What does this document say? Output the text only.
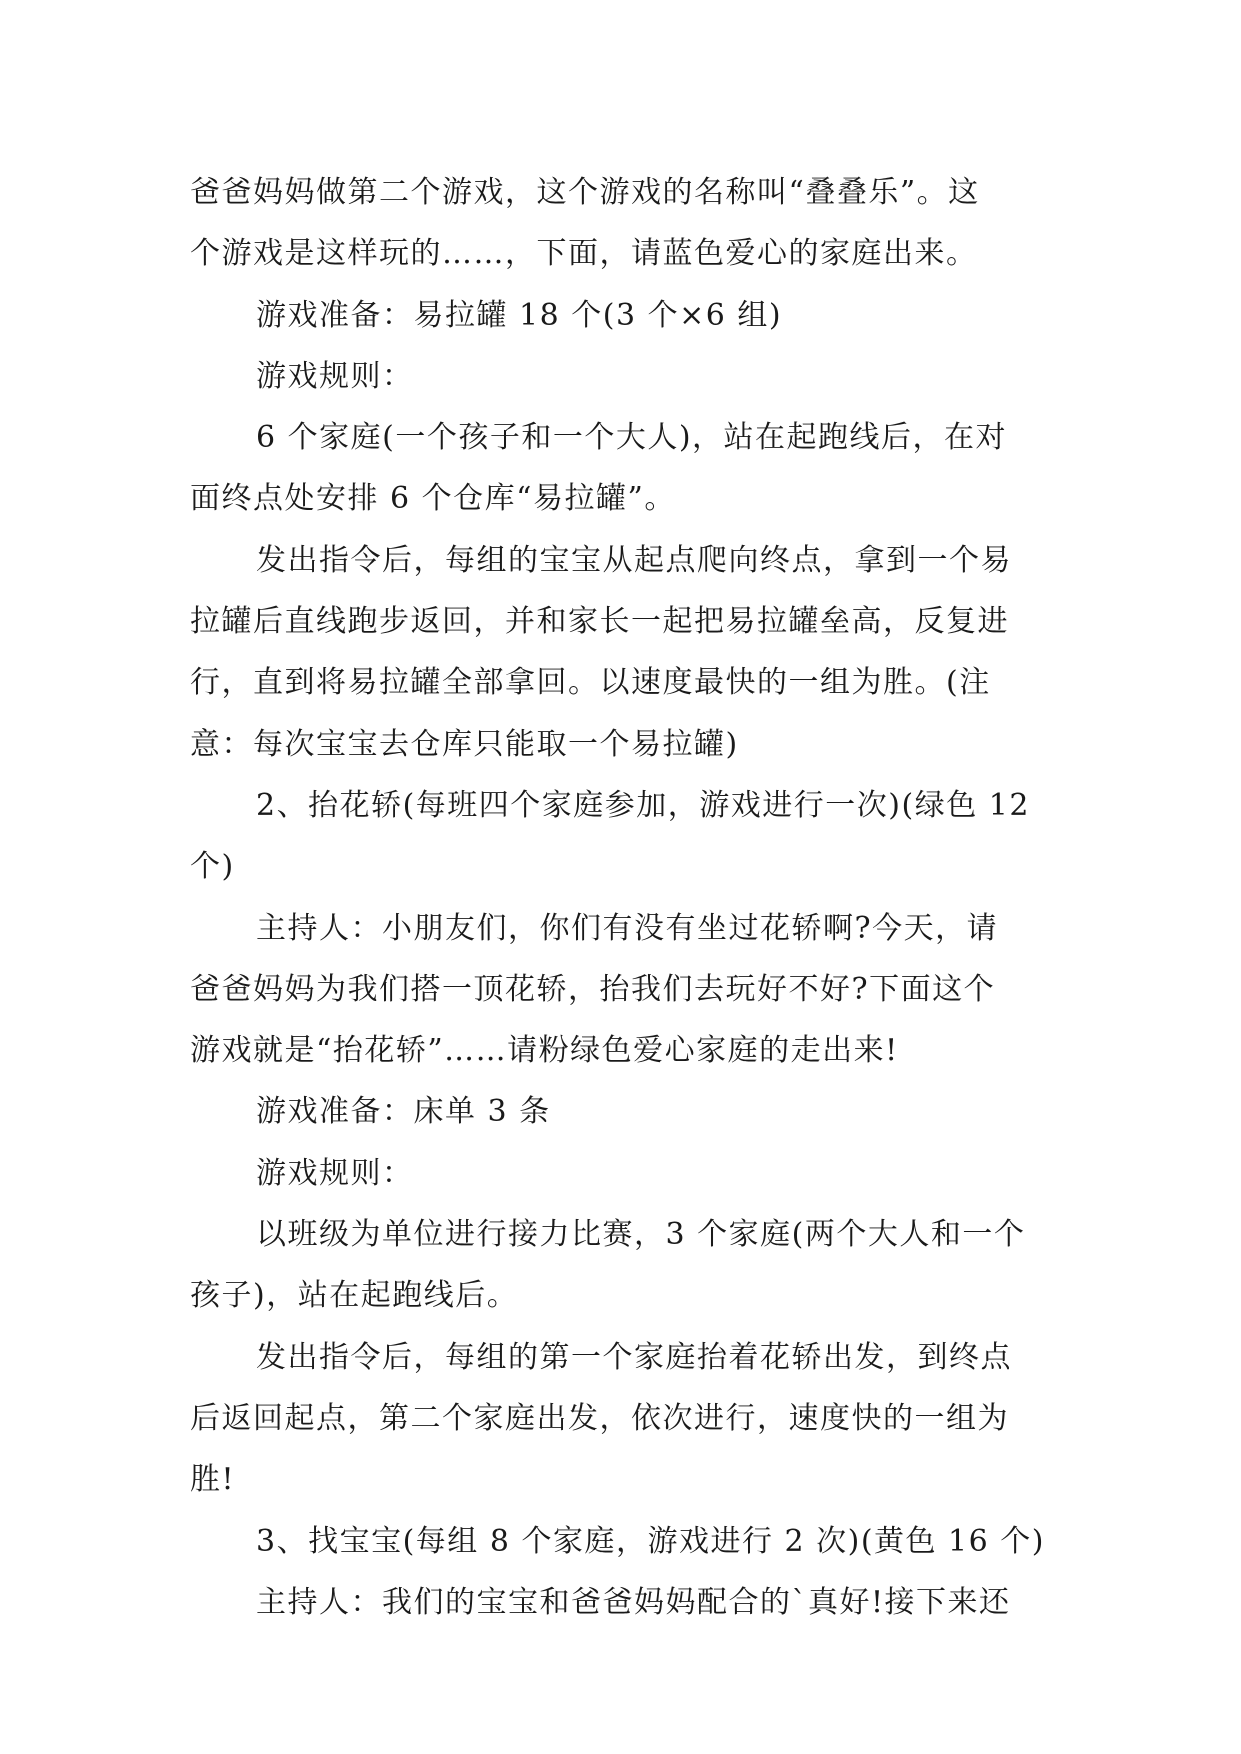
爸爸妈妈做第二个游戏，这个游戏的名称叫“叠叠乐”。这
个游戏是这样玩的……，下面，请蓝色爱心的家庭出来。
游戏准备：易拉罐 18 个(3 个×6 组)
游戏规则：
6 个家庭(一个孩子和一个大人)，站在起跑线后，在对
面终点处安排 6 个仓库“易拉罐”。
发出指令后，每组的宝宝从起点爬向终点，拿到一个易
拉罐后直线跑步返回，并和家长一起把易拉罐垒高，反复进
行，直到将易拉罐全部拿回。以速度最快的一组为胜。(注
意：每次宝宝去仓库只能取一个易拉罐)
2、抬花轿(每班四个家庭参加，游戏进行一次)(绿色 12
个)
主持人：小朋友们，你们有没有坐过花轿啊?今天，请
爸爸妈妈为我们搭一顶花轿，抬我们去玩好不好?下面这个
游戏就是“抬花轿”……请粉绿色爱心家庭的走出来!
游戏准备：床单 3 条
游戏规则：
以班级为单位进行接力比赛，3 个家庭(两个大人和一个
孩子)，站在起跑线后。
发出指令后，每组的第一个家庭抬着花轿出发，到终点
后返回起点，第二个家庭出发，依次进行，速度快的一组为
胜!
3、找宝宝(每组 8 个家庭，游戏进行 2 次)(黄色 16 个)
主持人：我们的宝宝和爸爸妈妈配合的`真好!接下来还
